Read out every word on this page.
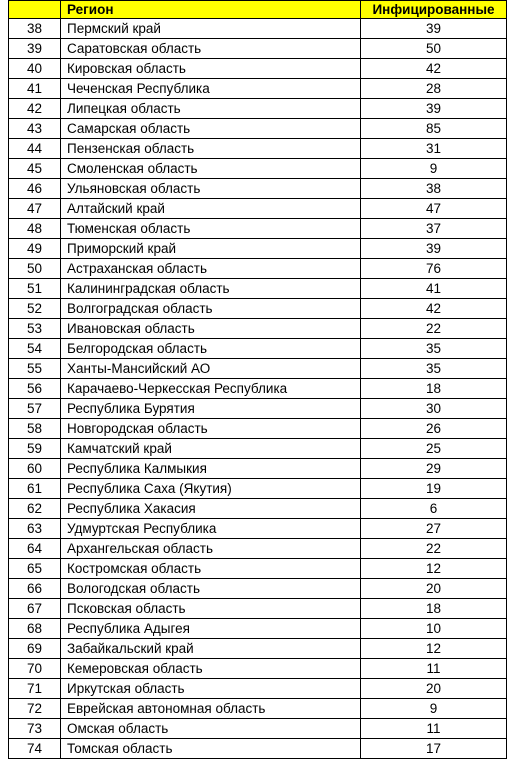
	Регион	Инфицированные
38	Пермский край	39
39	Саратовская область	50
40	Кировская область	42
41	Чеченская Республика	28
42	Липецкая область	39
43	Самарская область	85
44	Пензенская область	31
45	Смоленская область	9
46	Ульяновская область	38
47	Алтайский край	47
48	Тюменская область	37
49	Приморский край	39
50	Астраханская область	76
51	Калининградская область	41
52	Волгоградская область	42
53	Ивановская область	22
54	Белгородская область	35
55	Ханты-Мансийский АО	35
56	Карачаево-Черкесская Республика	18
57	Республика Бурятия	30
58	Новгородская область	26
59	Камчатский край	25
60	Республика Калмыкия	29
61	Республика Саха (Якутия)	19
62	Республика Хакасия	6
63	Удмуртская Республика	27
64	Архангельская область	22
65	Костромская область	12
66	Вологодская область	20
67	Псковская область	18
68	Республика Адыгея	10
69	Забайкальский край	12
70	Кемеровская область	11
71	Иркутская область	20
72	Еврейская автономная область	9
73	Омская область	11
74	Томская область	17
